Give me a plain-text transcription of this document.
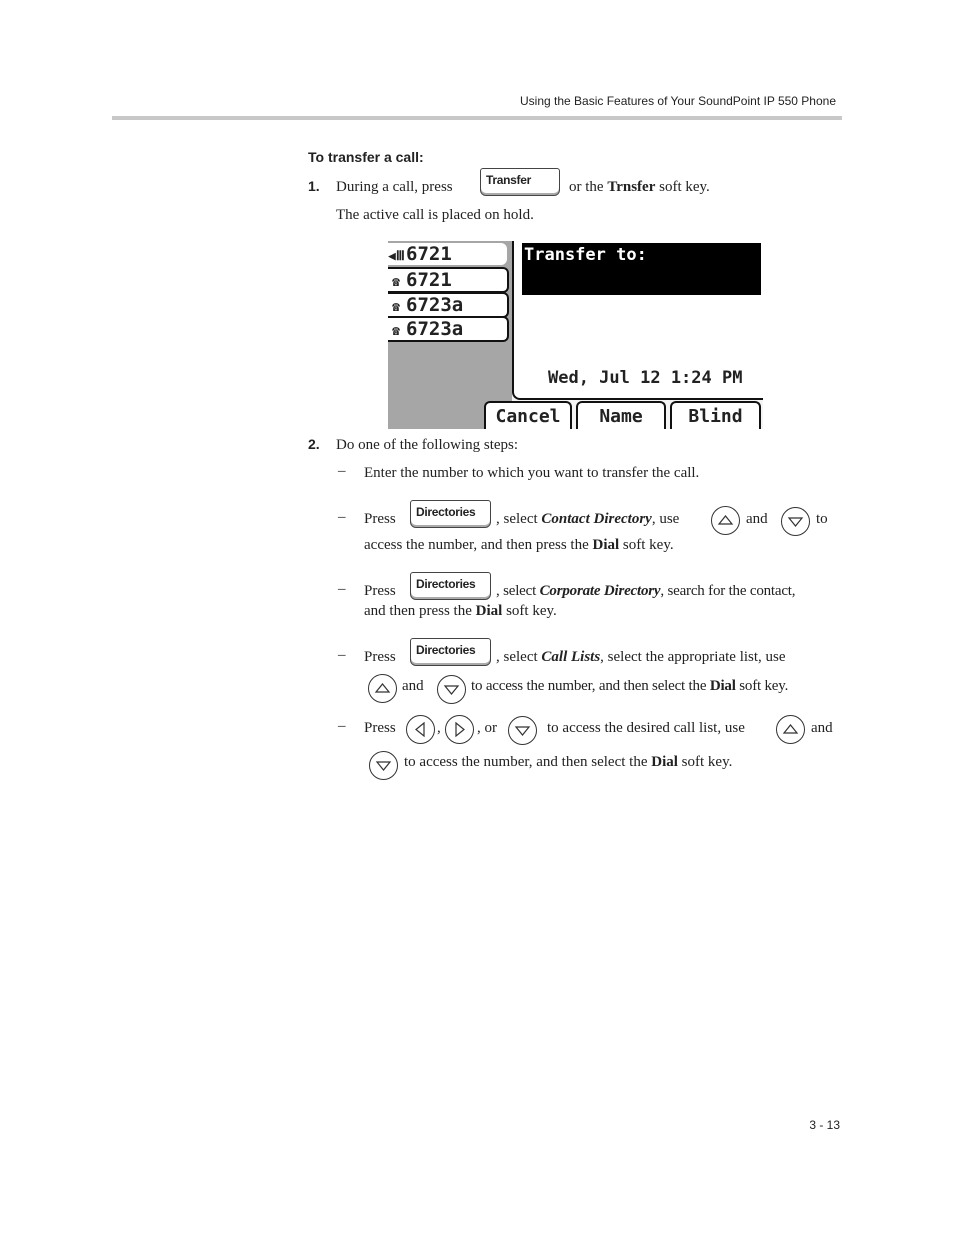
Using the Basic Features of Your SoundPoint IP 550 Phone
To transfer a call:
1. During a call, press	Transfer	or the Trnsfer soft key.
The active call is placed on hold.
◀Ⅲ6721
☎ 6721
☎ 6723a
☎ 6723a
Transfer to:
Wed, Jul 12 1:24 PM
Cancel	Name	Blind
2. Do one of the following steps:
– Enter the number to which you want to transfer the call.
– Press Directories , select Contact Directory, use	and	to
access the number, and then press the Dial soft key.
– Press Directories , select Corporate Directory, search for the contact,
and then press the Dial soft key.
– Press Directories , select Call Lists, select the appropriate list, use
and	to access the number, and then select the Dial soft key.
– Press	, , or	to access the desired call list, use	and
to access the number, and then select the Dial soft key.
3 - 13
